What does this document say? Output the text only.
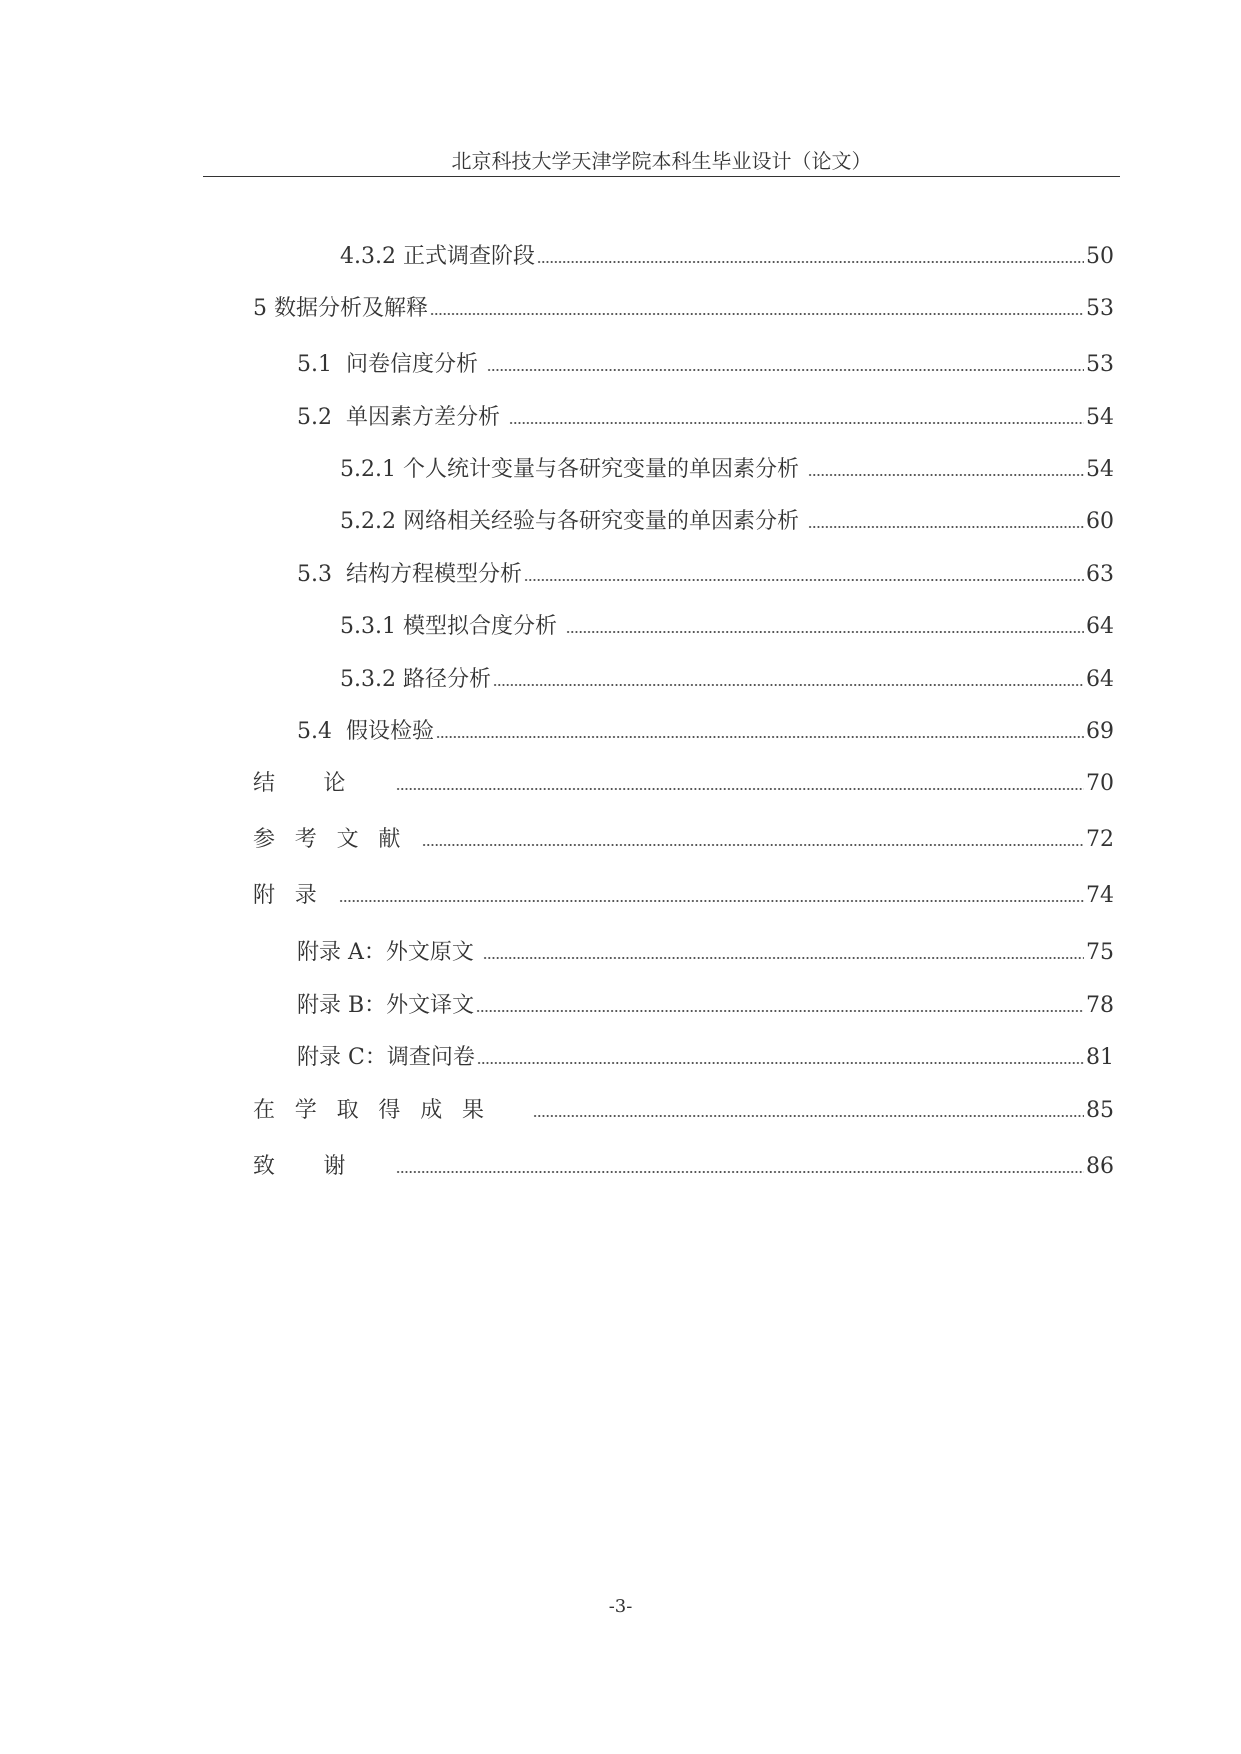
北京科技大学天津学院本科生毕业设计（论文）
4.3.2 正式调查阶段	50
5 数据分析及解释	53
5.1  问卷信度分析	53
5.2  单因素方差分析	54
5.2.1 个人统计变量与各研究变量的单因素分析	54
5.2.2 网络相关经验与各研究变量的单因素分析	60
5.3  结构方程模型分析	63
5.3.1 模型拟合度分析	64
5.3.2 路径分析	64
5.4  假设检验	69
结论	70
参考文献	72
附录	74
附录 A：外文原文	75
附录 B：外文译文	78
附录 C：调查问卷	81
在学取得成果	85
致谢	86
-3-
